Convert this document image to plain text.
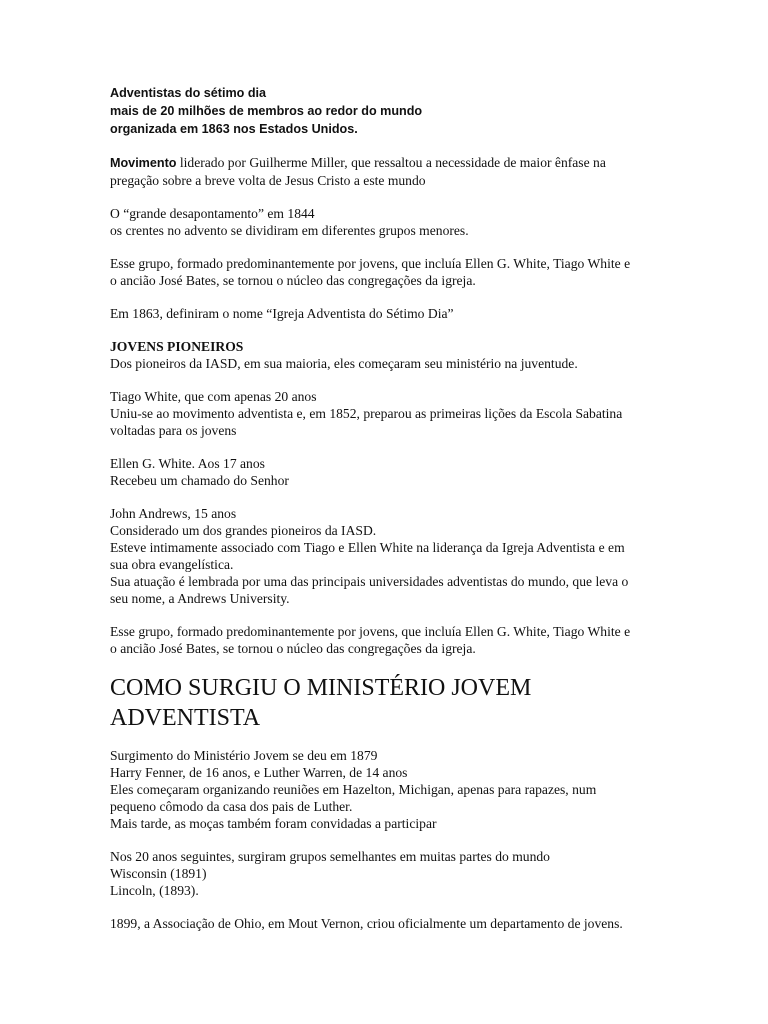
Adventistas do sétimo dia
mais de 20 milhões de membros ao redor do mundo
organizada em 1863 nos Estados Unidos.
Movimento liderado por Guilherme Miller, que ressaltou a necessidade de maior ênfase na
pregação sobre a breve volta de Jesus Cristo a este mundo
O “grande desapontamento” em 1844
os crentes no advento se dividiram em diferentes grupos menores.
Esse grupo, formado predominantemente por jovens, que incluía Ellen G. White, Tiago White e
o ancião José Bates, se tornou o núcleo das congregações da igreja.
Em 1863, definiram o nome “Igreja Adventista do Sétimo Dia”
JOVENS PIONEIROS
Dos pioneiros da IASD, em sua maioria, eles começaram seu ministério na juventude.
Tiago White, que com apenas 20 anos
Uniu-se ao movimento adventista e, em 1852, preparou as primeiras lições da Escola Sabatina
voltadas para os jovens
Ellen G. White. Aos 17 anos
Recebeu um chamado do Senhor
John Andrews, 15 anos
Considerado um dos grandes pioneiros da IASD.
Esteve intimamente associado com Tiago e Ellen White na liderança da Igreja Adventista e em
sua obra evangelística.
Sua atuação é lembrada por uma das principais universidades adventistas do mundo, que leva o
seu nome, a Andrews University.
Esse grupo, formado predominantemente por jovens, que incluía Ellen G. White, Tiago White e
o ancião José Bates, se tornou o núcleo das congregações da igreja.
COMO SURGIU O MINISTÉRIO JOVEM
ADVENTISTA
Surgimento do Ministério Jovem se deu em 1879
Harry Fenner, de 16 anos, e Luther Warren, de 14 anos
Eles começaram organizando reuniões em Hazelton, Michigan, apenas para rapazes, num
pequeno cômodo da casa dos pais de Luther.
Mais tarde, as moças também foram convidadas a participar
Nos 20 anos seguintes, surgiram grupos semelhantes em muitas partes do mundo
Wisconsin (1891)
Lincoln, (1893).
1899, a Associação de Ohio, em Mout Vernon, criou oficialmente um departamento de jovens.
